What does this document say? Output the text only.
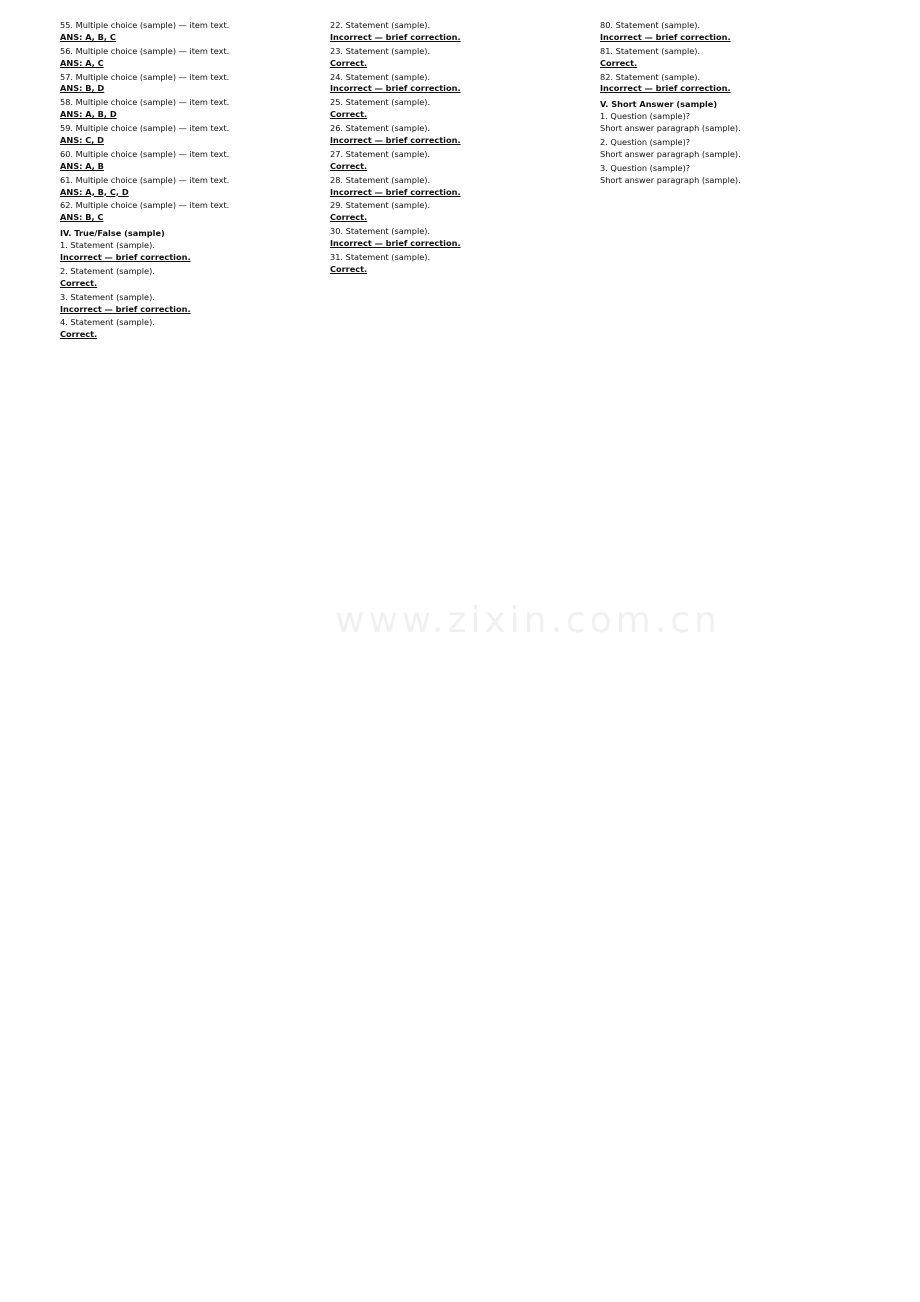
www.zixin.com.cn
55. Multiple choice (sample) — item text.
ANS: A, B, C
56. Multiple choice (sample) — item text.
ANS: A, C
57. Multiple choice (sample) — item text.
ANS: B, D
58. Multiple choice (sample) — item text.
ANS: A, B, D
59. Multiple choice (sample) — item text.
ANS: C, D
60. Multiple choice (sample) — item text.
ANS: A, B
61. Multiple choice (sample) — item text.
ANS: A, B, C, D
62. Multiple choice (sample) — item text.
ANS: B, C
IV. True/False (sample)
1. Statement (sample).
Incorrect — brief correction.
2. Statement (sample).
Correct.
3. Statement (sample).
Incorrect — brief correction.
4. Statement (sample).
Correct.
22. Statement (sample).
Incorrect — brief correction.
23. Statement (sample).
Correct.
24. Statement (sample).
Incorrect — brief correction.
25. Statement (sample).
Correct.
26. Statement (sample).
Incorrect — brief correction.
27. Statement (sample).
Correct.
28. Statement (sample).
Incorrect — brief correction.
29. Statement (sample).
Correct.
30. Statement (sample).
Incorrect — brief correction.
31. Statement (sample).
Correct.
80. Statement (sample).
Incorrect — brief correction.
81. Statement (sample).
Correct.
82. Statement (sample).
Incorrect — brief correction.
V. Short Answer (sample)
1. Question (sample)?
Short answer paragraph (sample).
2. Question (sample)?
Short answer paragraph (sample).
3. Question (sample)?
Short answer paragraph (sample).
